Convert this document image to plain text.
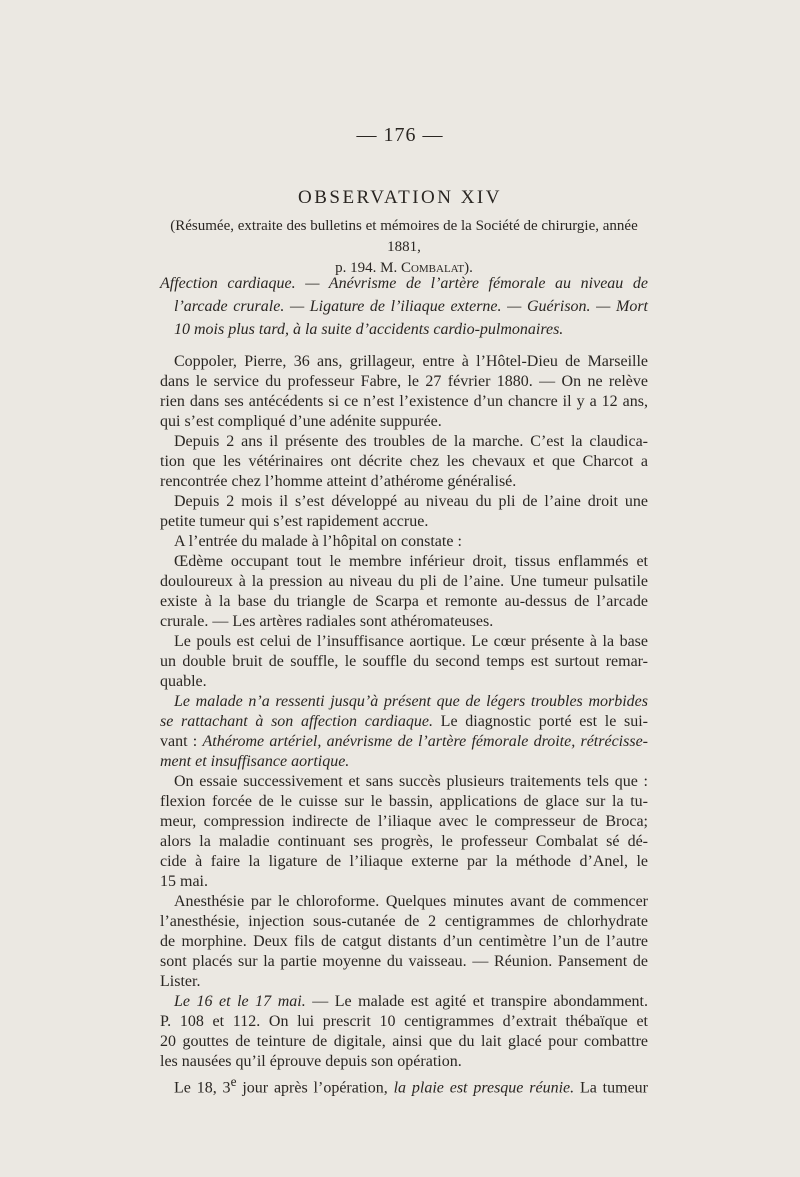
— 176 —
OBSERVATION XIV
(Résumée, extraite des bulletins et mémoires de la Société de chirurgie, année 1881,
p. 194. M. Combalat).
Affection cardiaque. — Anévrisme de l’artère fémorale au niveau de
l’arcade crurale. — Ligature de l’iliaque externe. — Guérison. — Mort
10 mois plus tard, à la suite d’accidents cardio-pulmonaires.
Coppoler, Pierre, 36 ans, grillageur, entre à l’Hôtel-Dieu de Marseille
dans le service du professeur Fabre, le 27 février 1880. — On ne relève
rien dans ses antécédents si ce n’est l’existence d’un chancre il y a 12 ans,
qui s’est compliqué d’une adénite suppurée.
Depuis 2 ans il présente des troubles de la marche. C’est la claudica-
tion que les vétérinaires ont décrite chez les chevaux et que Charcot a
rencontrée chez l’homme atteint d’athérome généralisé.
Depuis 2 mois il s’est développé au niveau du pli de l’aine droit une
petite tumeur qui s’est rapidement accrue.
A l’entrée du malade à l’hôpital on constate :
Œdème occupant tout le membre inférieur droit, tissus enflammés et
douloureux à la pression au niveau du pli de l’aine. Une tumeur pulsatile
existe à la base du triangle de Scarpa et remonte au-dessus de l’arcade
crurale. — Les artères radiales sont athéromateuses.
Le pouls est celui de l’insuffisance aortique. Le cœur présente à la base
un double bruit de souffle, le souffle du second temps est surtout remar-
quable.
Le malade n’a ressenti jusqu’à présent que de légers troubles morbides
se rattachant à son affection cardiaque. Le diagnostic porté est le sui-
vant : Athérome artériel, anévrisme de l’artère fémorale droite, rétrécisse-
ment et insuffisance aortique.
On essaie successivement et sans succès plusieurs traitements tels que :
flexion forcée de le cuisse sur le bassin, applications de glace sur la tu-
meur, compression indirecte de l’iliaque avec le compresseur de Broca;
alors la maladie continuant ses progrès, le professeur Combalat sé dé-
cide à faire la ligature de l’iliaque externe par la méthode d’Anel, le
15 mai.
Anesthésie par le chloroforme. Quelques minutes avant de commencer
l’anesthésie, injection sous-cutanée de 2 centigrammes de chlorhydrate
de morphine. Deux fils de catgut distants d’un centimètre l’un de l’autre
sont placés sur la partie moyenne du vaisseau. — Réunion. Pansement de
Lister.
Le 16 et le 17 mai. — Le malade est agité et transpire abondamment.
P. 108 et 112. On lui prescrit 10 centigrammes d’extrait thébaïque et
20 gouttes de teinture de digitale, ainsi que du lait glacé pour combattre
les nausées qu’il éprouve depuis son opération.
Le 18, 3e jour après l’opération, la plaie est presque réunie. La tumeur
